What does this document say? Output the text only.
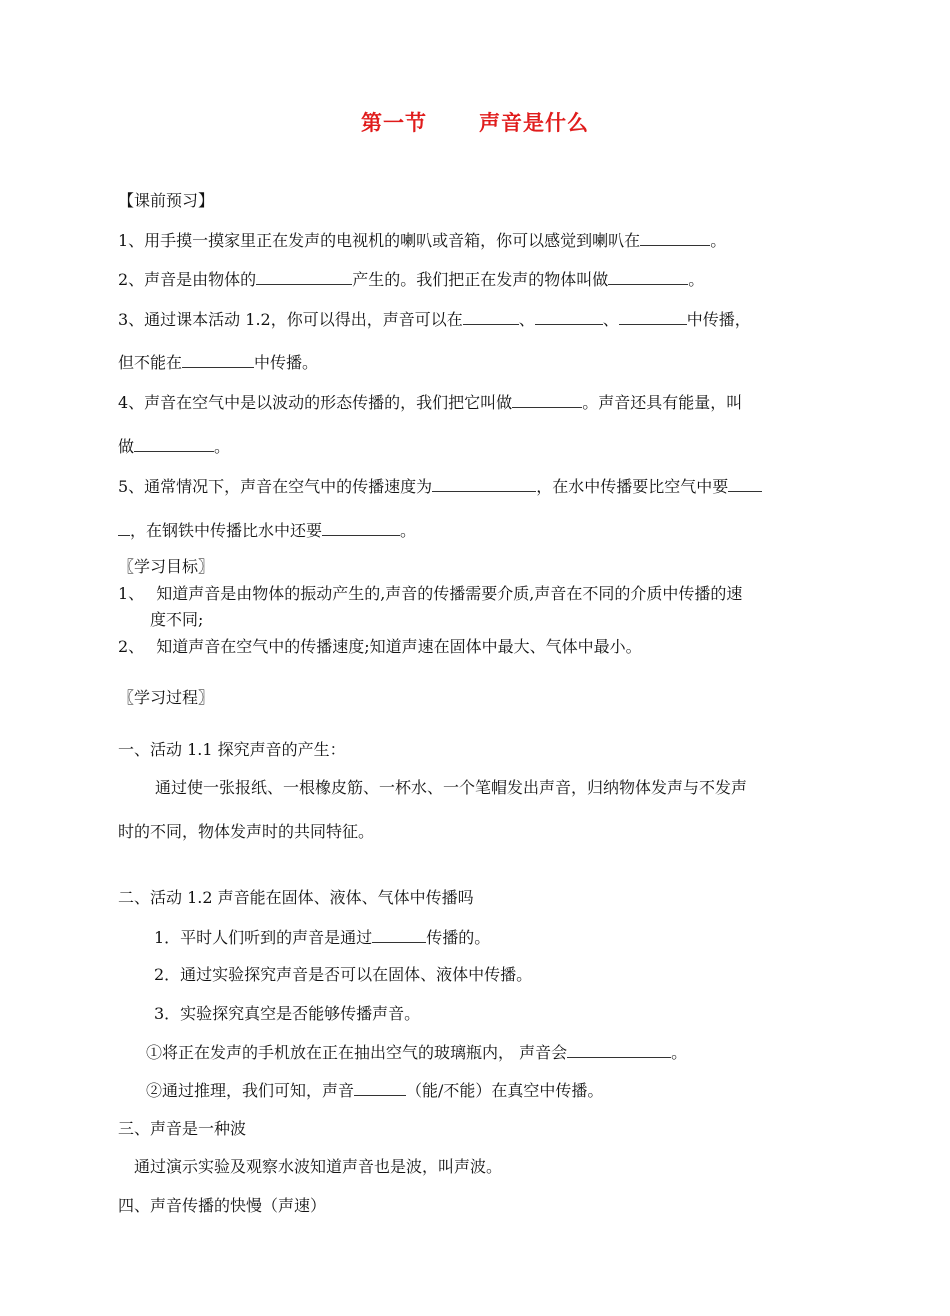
第一节 声音是什么
【课前预习】
1、用手摸一摸家里正在发声的电视机的喇叭或音箱，你可以感觉到喇叭在	。
2、声音是由物体的	产生的。我们把正在发声的物体叫做	。
3、通过课本活动 1.2，你可以得出，声音可以在	、	、	中传播，
但不能在	中传播。
4、声音在空气中是以波动的形态传播的，我们把它叫做	。声音还具有能量，叫
做	。
5、通常情况下，声音在空气中的传播速度为	，在水中传播要比空气中要
，在钢铁中传播比水中还要	。
〖学习目标〗
1、 知道声音是由物体的振动产生的,声音的传播需要介质,声音在不同的介质中传播的速
度不同;
2、 知道声音在空气中的传播速度;知道声速在固体中最大、气体中最小。
〖学习过程〗
一、活动 1.1 探究声音的产生：
通过使一张报纸、一根橡皮筋、一杯水、一个笔帽发出声音，归纳物体发声与不发声
时的不同，物体发声时的共同特征。
二、活动 1.2 声音能在固体、液体、气体中传播吗
1．平时人们听到的声音是通过	传播的。
2．通过实验探究声音是否可以在固体、液体中传播。
3．实验探究真空是否能够传播声音。
①将正在发声的手机放在正在抽出空气的玻璃瓶内， 声音会	。
②通过推理，我们可知，声音	（能/不能）在真空中传播。
三、声音是一种波
通过演示实验及观察水波知道声音也是波，叫声波。
四、声音传播的快慢（声速）
